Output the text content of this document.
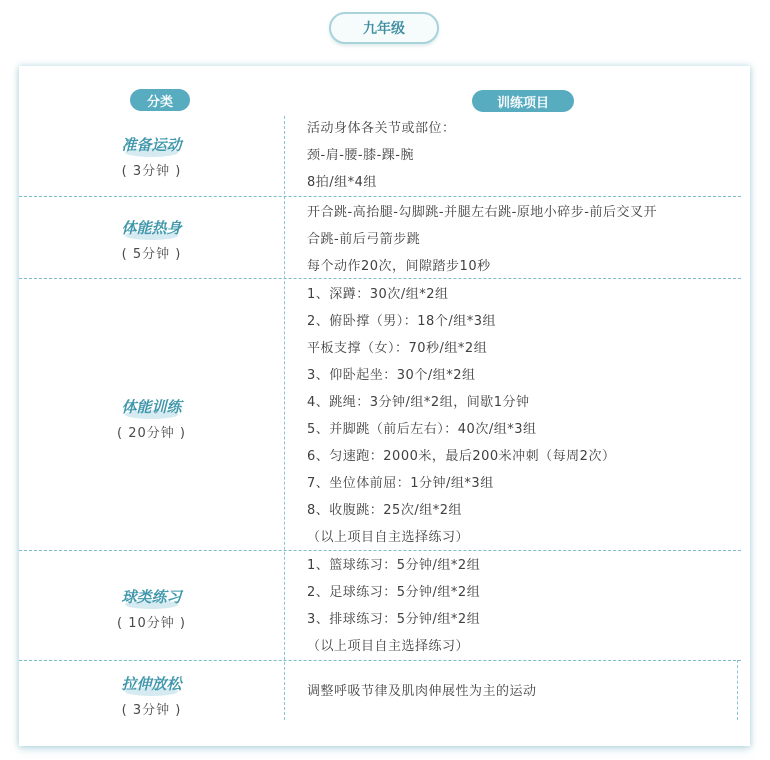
九年级
分类	训练项目
准备运动
( 3分钟 )
活动身体各关节或部位：
颈-肩-腰-膝-踝-腕
8拍/组*4组
体能热身
( 5分钟 )
开合跳-高抬腿-勾脚跳-并腿左右跳-原地小碎步-前后交叉开
合跳-前后弓箭步跳
每个动作20次，间隙踏步10秒
体能训练
( 20分钟 )
1、深蹲：30次/组*2组
2、俯卧撑（男）：18个/组*3组
平板支撑（女）：70秒/组*2组
3、仰卧起坐：30个/组*2组
4、跳绳：3分钟/组*2组，间歇1分钟
5、并脚跳（前后左右）：40次/组*3组
6、匀速跑：2000米，最后200米冲刺（每周2次）
7、坐位体前屈：1分钟/组*3组
8、收腹跳：25次/组*2组
（以上项目自主选择练习）
球类练习
( 10分钟 )
1、篮球练习：5分钟/组*2组
2、足球练习：5分钟/组*2组
3、排球练习：5分钟/组*2组
（以上项目自主选择练习）
拉伸放松
( 3分钟 )
调整呼吸节律及肌肉伸展性为主的运动
